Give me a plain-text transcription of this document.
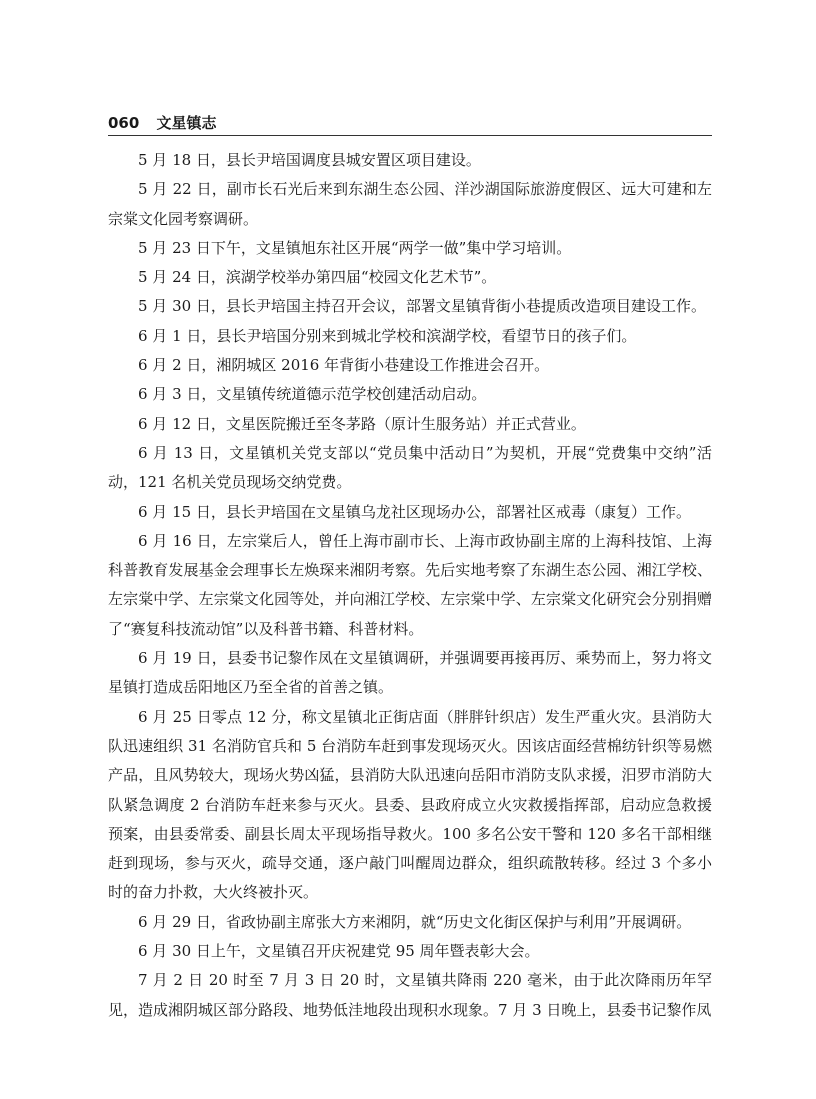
060 文星镇志

5 月 18 日，县长尹培国调度县城安置区项目建设。

5 月 22 日，副市长石光后来到东湖生态公园、洋沙湖国际旅游度假区、远大可建和左宗棠文化园考察调研。

5 月 23 日下午，文星镇旭东社区开展“两学一做”集中学习培训。

5 月 24 日，滨湖学校举办第四届“校园文化艺术节”。

5 月 30 日，县长尹培国主持召开会议，部署文星镇背街小巷提质改造项目建设工作。

6 月 1 日，县长尹培国分别来到城北学校和滨湖学校，看望节日的孩子们。

6 月 2 日，湘阴城区 2016 年背街小巷建设工作推进会召开。

6 月 3 日，文星镇传统道德示范学校创建活动启动。

6 月 12 日，文星医院搬迁至冬茅路（原计生服务站）并正式营业。

6 月 13 日，文星镇机关党支部以“党员集中活动日”为契机，开展“党费集中交纳”活动，121 名机关党员现场交纳党费。

6 月 15 日，县长尹培国在文星镇乌龙社区现场办公，部署社区戒毒（康复）工作。

6 月 16 日，左宗棠后人，曾任上海市副市长、上海市政协副主席的上海科技馆、上海科普教育发展基金会理事长左焕琛来湘阴考察。先后实地考察了东湖生态公园、湘江学校、左宗棠中学、左宗棠文化园等处，并向湘江学校、左宗棠中学、左宗棠文化研究会分别捐赠了“赛复科技流动馆”以及科普书籍、科普材料。

6 月 19 日，县委书记黎作凤在文星镇调研，并强调要再接再厉、乘势而上，努力将文星镇打造成岳阳地区乃至全省的首善之镇。

6 月 25 日零点 12 分，称文星镇北正街店面（胖胖针织店）发生严重火灾。县消防大队迅速组织 31 名消防官兵和 5 台消防车赶到事发现场灭火。因该店面经营棉纺针织等易燃产品，且风势较大，现场火势凶猛，县消防大队迅速向岳阳市消防支队求援，汨罗市消防大队紧急调度 2 台消防车赶来参与灭火。县委、县政府成立火灾救援指挥部，启动应急救援预案，由县委常委、副县长周太平现场指导救火。100 多名公安干警和 120 多名干部相继赶到现场，参与灭火，疏导交通，逐户敲门叫醒周边群众，组织疏散转移。经过 3 个多小时的奋力扑救，大火终被扑灭。

6 月 29 日，省政协副主席张大方来湘阴，就“历史文化街区保护与利用”开展调研。

6 月 30 日上午，文星镇召开庆祝建党 95 周年暨表彰大会。

7 月 2 日 20 时至 7 月 3 日 20 时，文星镇共降雨 220 毫米，由于此次降雨历年罕见，造成湘阴城区部分路段、地势低洼地段出现积水现象。7 月 3 日晚上，县委书记黎作凤
